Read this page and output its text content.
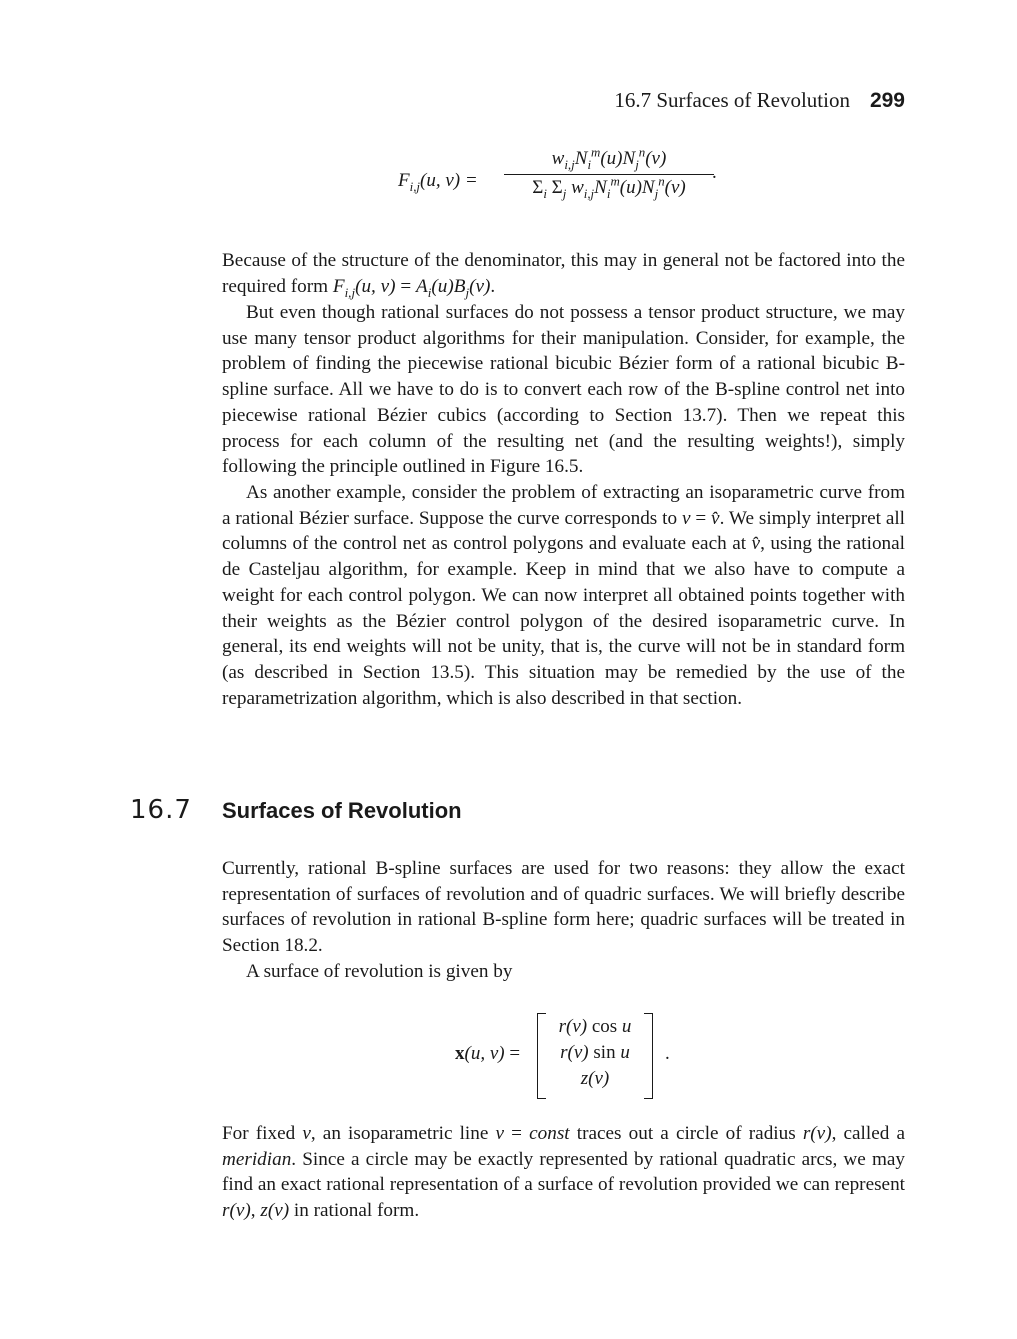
16.7 Surfaces of Revolution 299
$F_{i,j}(u$, v) =
$w_{i,j}N_i^m(u)N_j^n(v)$
$\Sigma_i$ $\Sigma_j$ $w_{i,j}N_i^m(u)N_j^n(v)$
.

Because of the structure of the denominator, this may in general not be factored into the required form $F_{i,j}(u$, $v) = A_i(u)B_j(v)$.

But even though rational surfaces do not possess a tensor product structure, we may use many tensor product algorithms for their manipulation. Consider, for example, the problem of finding the piecewise rational bicubic Bézier form of a rational bicubic B-spline surface. All we have to do is to convert each row of the B-spline control net into piecewise rational Bézier cubics (according to Section 13.7). Then we repeat this process for each column of the resulting net (and the resulting weights!), simply following the principle outlined in Figure 16.5.

As another example, consider the problem of extracting an isoparametric curve from a rational Bézier surface. Suppose the curve corresponds to v = v̂. We simply interpret all columns of the control net as control polygons and evaluate each at v̂, using the rational de Casteljau algorithm, for example. Keep in mind that we also have to compute a weight for each control polygon. We can now interpret all obtained points together with their weights as the Bézier control polygon of the desired isoparametric curve. In general, its end weights will not be unity, that is, the curve will not be in standard form (as described in Section 13.5). This situation may be remedied by the use of the reparametrization algorithm, which is also described in that section.

16.7 Surfaces of Revolution

Currently, rational B-spline surfaces are used for two reasons: they allow the exact representation of surfaces of revolution and of quadric surfaces. We will briefly describe surfaces of revolution in rational B-spline form here; quadric surfaces will be treated in Section 18.2.

A surface of revolution is given by

x(u, v) =
r(v) cos u
r(v) sin u
z(v)
.

For fixed v, an isoparametric line v = const traces out a circle of radius r(v), called a meridian. Since a circle may be exactly represented by rational quadratic arcs, we may find an exact rational representation of a surface of revolution provided we can represent r(v), z(v) in rational form.
